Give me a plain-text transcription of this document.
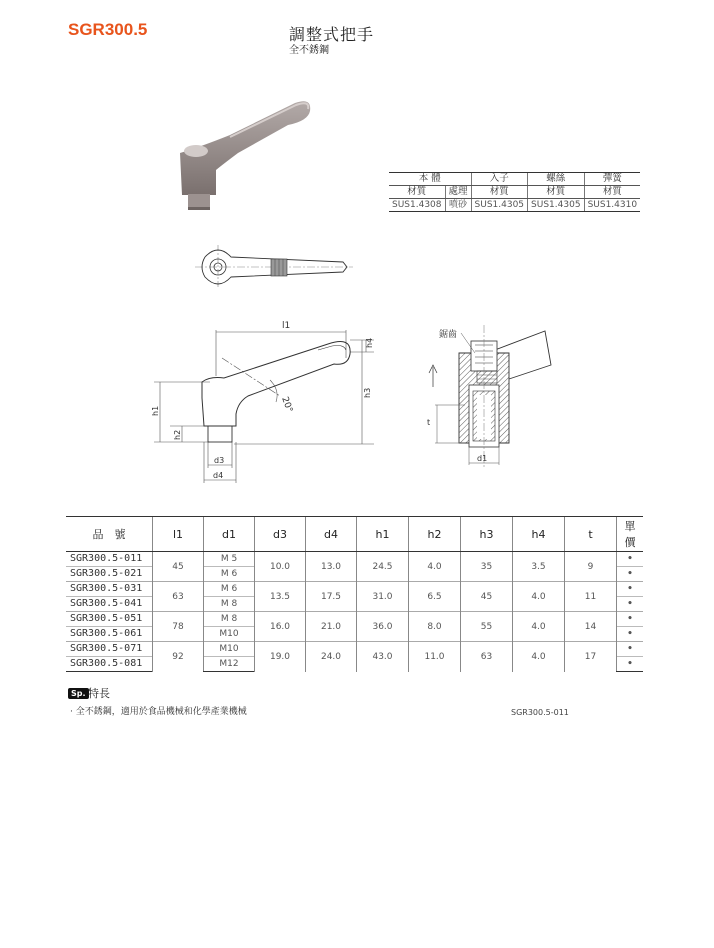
SGR300.5	調整式把手
全不銹鋼
l1
h4
h3
h1
h2
20°
d3
d4
鋸齒
t
d1
本 體		入子	螺絲	彈簧
材質	處理	材質	材質	材質
SUS1.4308	噴砂	SUS1.4305	SUS1.4305	SUS1.4310
品　號	l1	d1	d3	d4	h1	h2	h3	h4	t	單 價
SGR300.5-011	45	M 5	10.0	13.0	24.5	4.0	35	3.5	9	•
SGR300.5-021		M 6								•
SGR300.5-031	63	M 6	13.5	17.5	31.0	6.5	45	4.0	11	•
SGR300.5-041		M 8								•
SGR300.5-051	78	M 8	16.0	21.0	36.0	8.0	55	4.0	14	•
SGR300.5-061		M10								•
SGR300.5-071	92	M10	19.0	24.0	43.0	11.0	63	4.0	17	•
SGR300.5-081		M12								•
Sp. 特長
· 全不銹鋼，適用於食品機械和化學產業機械	SGR300.5-011
